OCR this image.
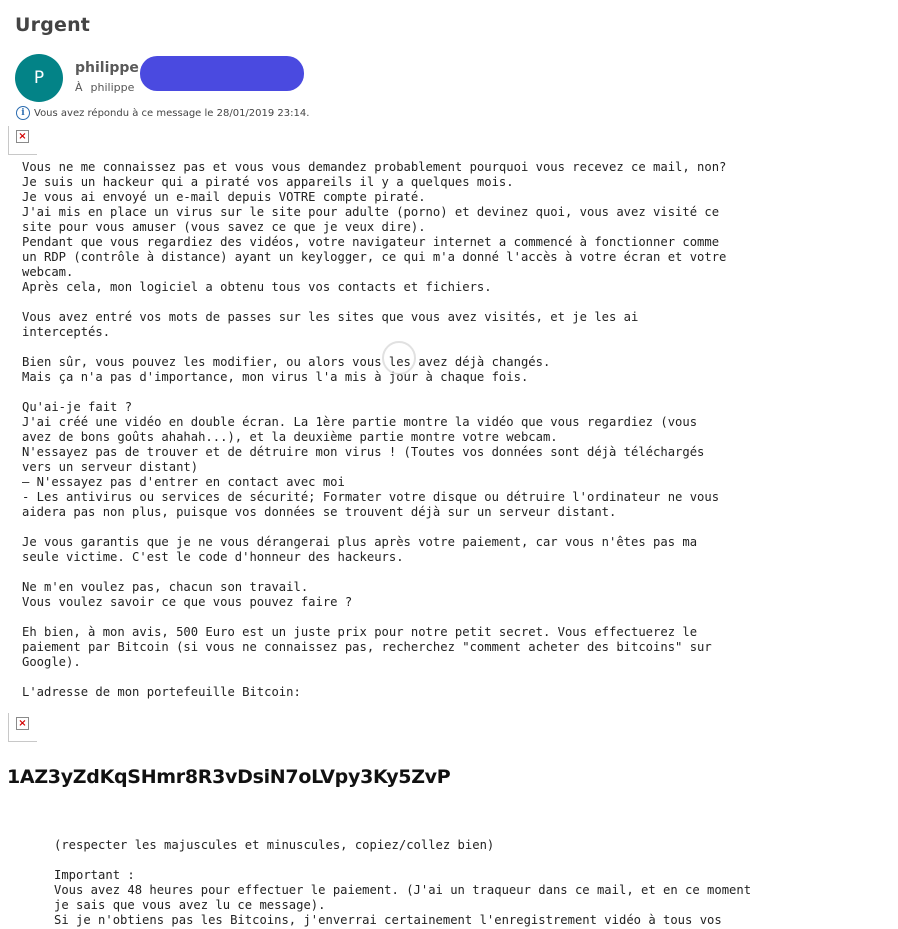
Urgent
P	philippe
À philippe
i Vous avez répondu à ce message le 28/01/2019 23:14.
×
Vous ne me connaissez pas et vous vous demandez probablement pourquoi vous recevez ce mail, non?
Je suis un hackeur qui a piraté vos appareils il y a quelques mois.
Je vous ai envoyé un e-mail depuis VOTRE compte piraté.
J'ai mis en place un virus sur le site pour adulte (porno) et devinez quoi, vous avez visité ce
site pour vous amuser (vous savez ce que je veux dire).
Pendant que vous regardiez des vidéos, votre navigateur internet a commencé à fonctionner comme
un RDP (contrôle à distance) ayant un keylogger, ce qui m'a donné l'accès à votre écran et votre
webcam.
Après cela, mon logiciel a obtenu tous vos contacts et fichiers.

Vous avez entré vos mots de passes sur les sites que vous avez visités, et je les ai
interceptés.

Bien sûr, vous pouvez les modifier, ou alors vous les avez déjà changés.
Mais ça n'a pas d'importance, mon virus l'a mis à jour à chaque fois.

Qu'ai-je fait ?
J'ai créé une vidéo en double écran. La 1ère partie montre la vidéo que vous regardiez (vous
avez de bons goûts ahahah...), et la deuxième partie montre votre webcam.
N'essayez pas de trouver et de détruire mon virus ! (Toutes vos données sont déjà téléchargés
vers un serveur distant)
— N'essayez pas d'entrer en contact avec moi
- Les antivirus ou services de sécurité; Formater votre disque ou détruire l'ordinateur ne vous
aidera pas non plus, puisque vos données se trouvent déjà sur un serveur distant.

Je vous garantis que je ne vous dérangerai plus après votre paiement, car vous n'êtes pas ma
seule victime. C'est le code d'honneur des hackeurs.

Ne m'en voulez pas, chacun son travail.
Vous voulez savoir ce que vous pouvez faire ?

Eh bien, à mon avis, 500 Euro est un juste prix pour notre petit secret. Vous effectuerez le
paiement par Bitcoin (si vous ne connaissez pas, recherchez "comment acheter des bitcoins" sur
Google).

L'adresse de mon portefeuille Bitcoin:
×
1AZ3yZdKqSHmr8R3vDsiN7oLVpy3Ky5ZvP
(respecter les majuscules et minuscules, copiez/collez bien)

Important :
Vous avez 48 heures pour effectuer le paiement. (J'ai un traqueur dans ce mail, et en ce moment
je sais que vous avez lu ce message).
Si je n'obtiens pas les Bitcoins, j'enverrai certainement l'enregistrement vidéo à tous vos
